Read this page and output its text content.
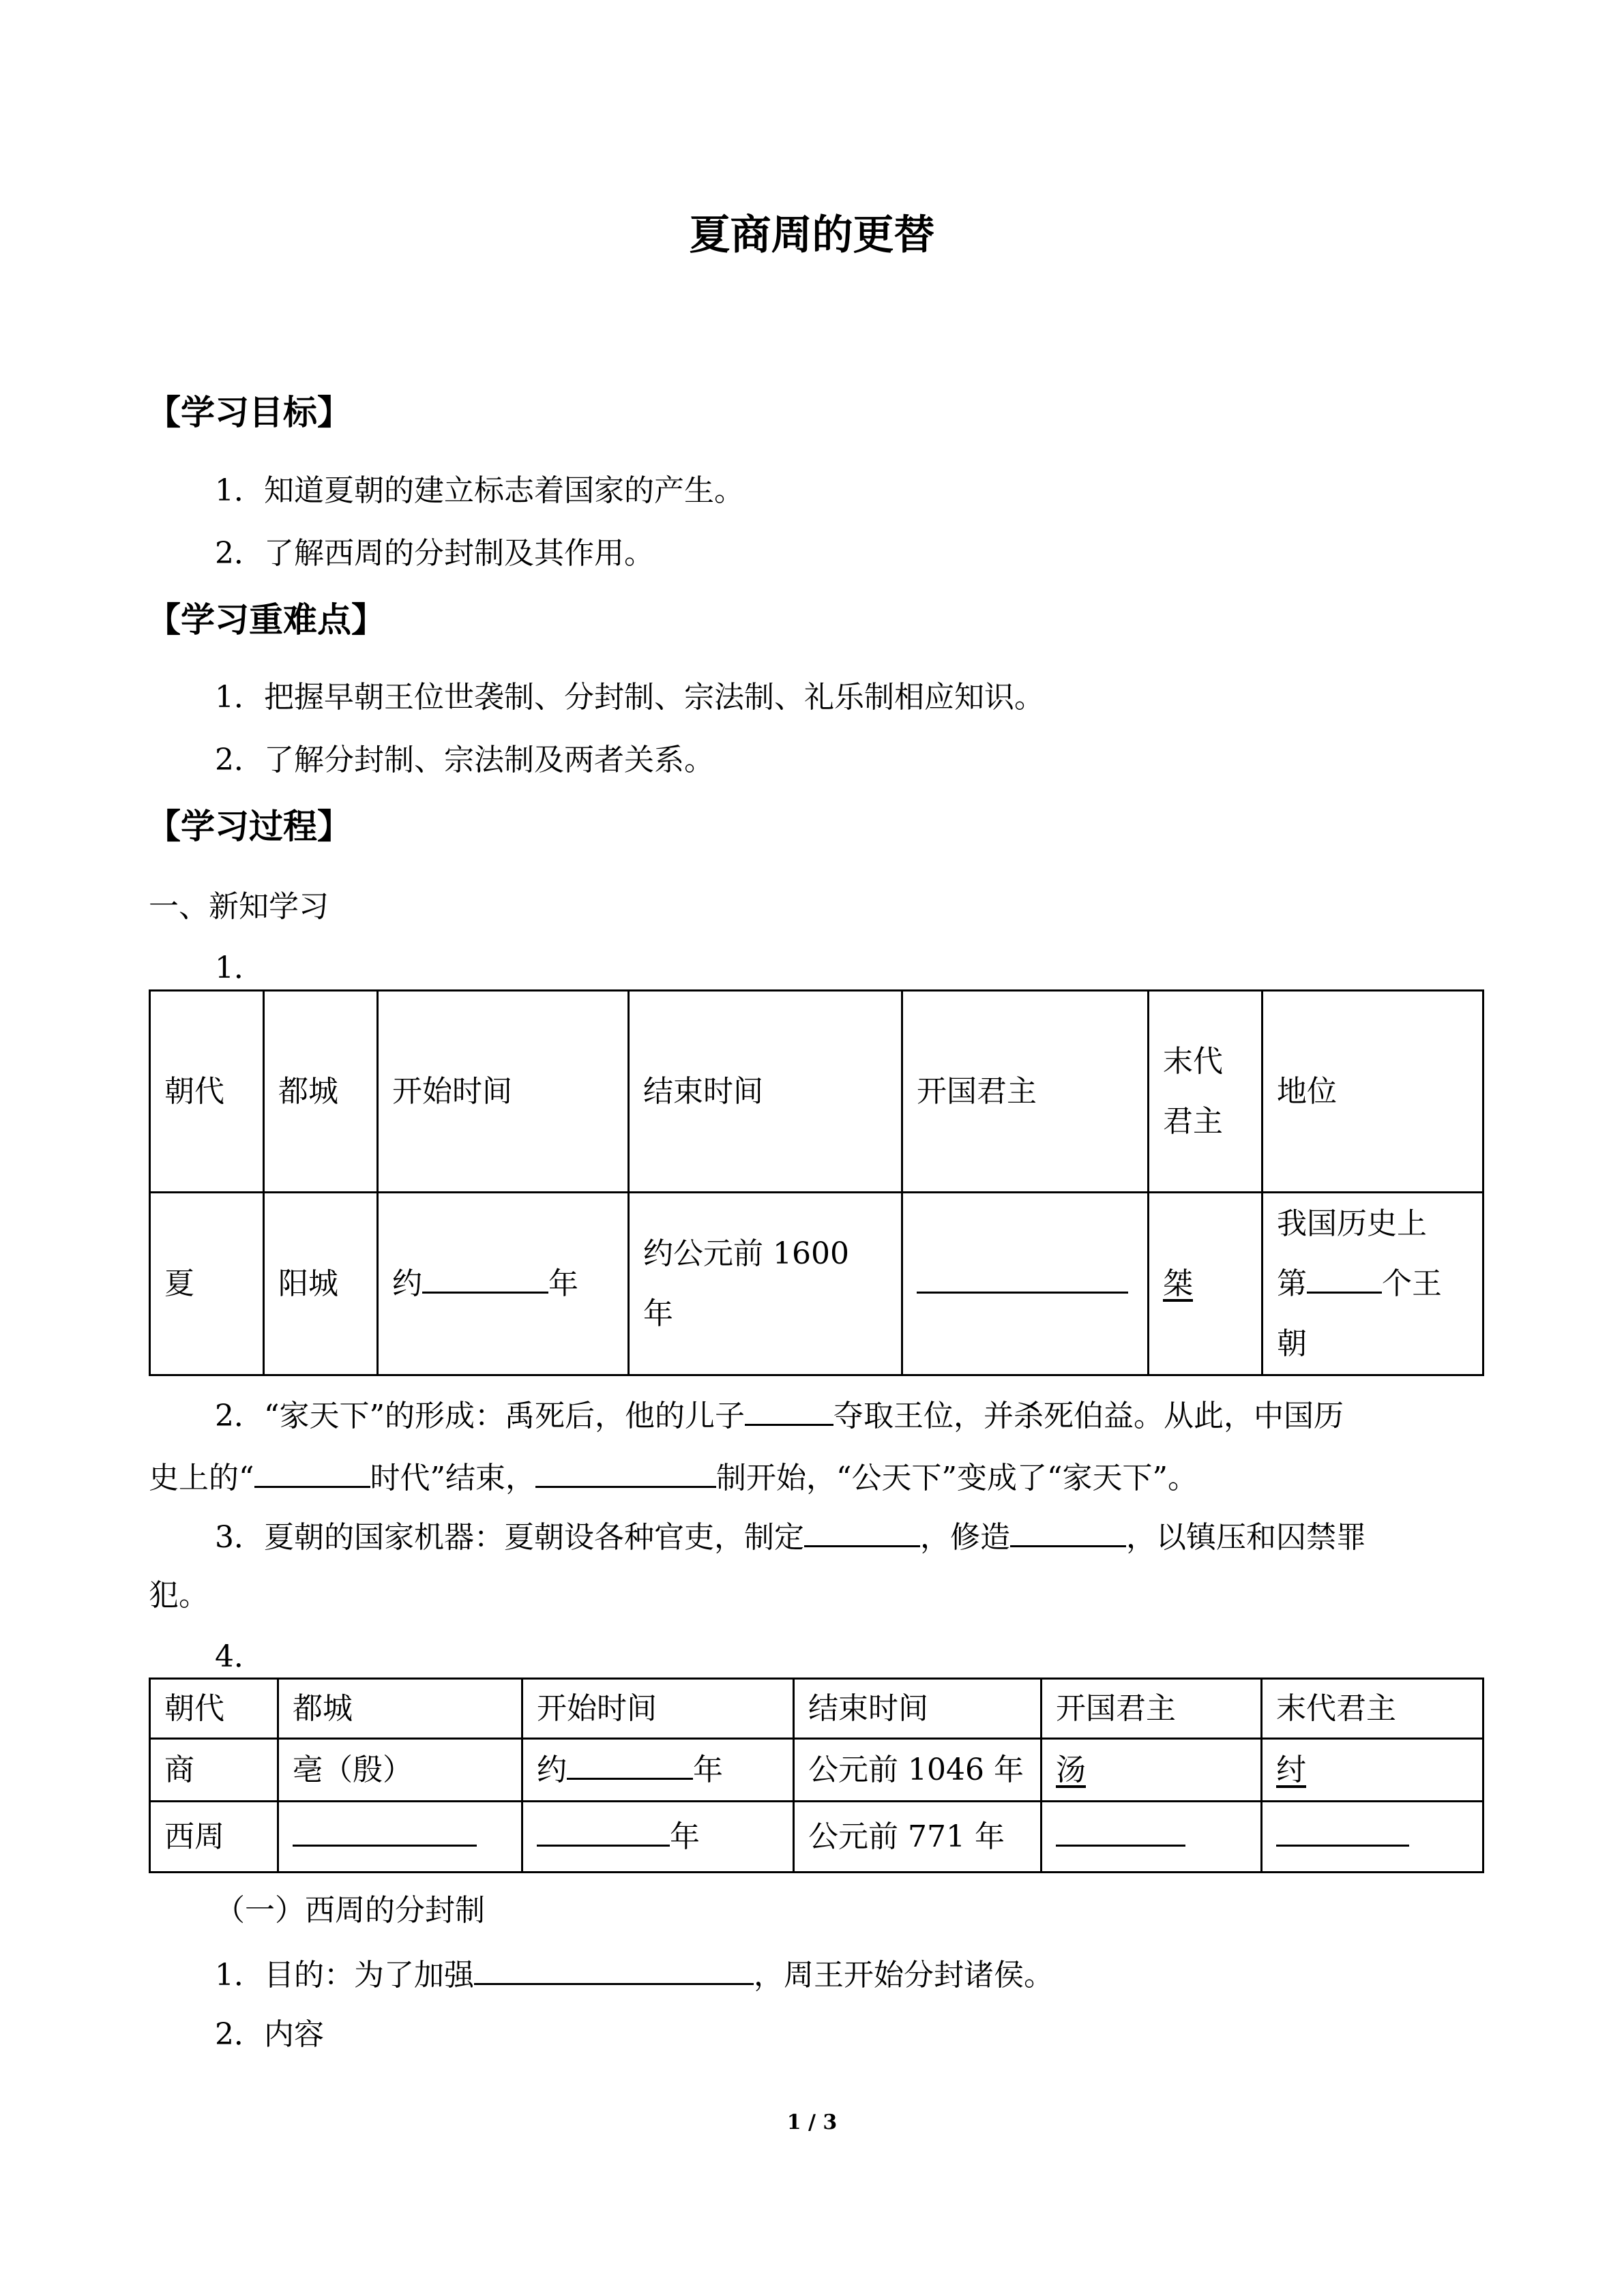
夏商周的更替
【学习目标】
1．知道夏朝的建立标志着国家的产生。
2．了解西周的分封制及其作用。
【学习重难点】
1．把握早朝王位世袭制、分封制、宗法制、礼乐制相应知识。
2．了解分封制、宗法制及两者关系。
【学习过程】
一、新知学习
1．
朝代	都城	开始时间	结束时间	开国君主	末代君主	地位
夏	阳城	约 年	约公元前 1600 年		桀	我国历史上
第 个王朝
2．“家天下”的形成：禹死后，他的儿子	夺取王位，并杀死伯益。从此，中国历
史上的“	时代”结束，	制开始，“公天下”变成了“家天下”。
3．夏朝的国家机器：夏朝设各种官吏，制定	，修造	，以镇压和囚禁罪
犯。
4．
朝代	都城	开始时间	结束时间	开国君主	末代君主
商	亳（殷）	约 年	公元前 1046 年	汤	纣
西周		年	公元前 771 年		
（一）西周的分封制
1．目的：为了加强	，周王开始分封诸侯。
2．内容
1 / 3
